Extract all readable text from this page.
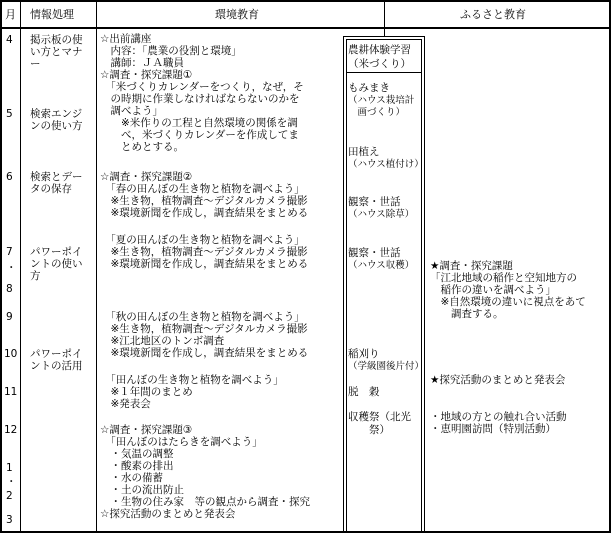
月 情報処理	環境教育	ふるさと教育
4
5
6
7
・
8
9
10
11
12
1
・
2
3
掲示板の使
い方とマナ
ー
検索エンジ
ンの使い方
検索とデー
タの保存
パワーポイ
ントの使い
方
パワーポイ
ントの活用
☆出前講座
　内容：「農業の役割と環境」
　講師：ＪＡ職員
☆調査・探究課題①
　「米づくりカレンダーをつくり，なぜ，そ
　の時期に作業しなければならないのかを
　調べよう」
　　※米作りの工程と自然環境の関係を調
　　べ，米づくりカレンダーを作成してま
　　とめとする。
☆調査・探究課題②
　「春の田んぼの生き物と植物を調べよう」
　※生き物，植物調査～デジタルカメラ撮影
　※環境新聞を作成し，調査結果をまとめる
　「夏の田んぼの生き物と植物を調べよう」
　※生き物，植物調査～デジタルカメラ撮影
　※環境新聞を作成し，調査結果をまとめる
　「秋の田んぼの生き物と植物を調べよう」
　※生き物，植物調査～デジタルカメラ撮影
　※江北地区のトンボ調査
　※環境新聞を作成し，調査結果をまとめる
　「田んぼの生き物と植物を調べよう」
　※１年間のまとめ
　※発表会
☆調査・探究課題③
　「田んぼのはたらきを調べよう」
　・気温の調整
　・酸素の排出
　・水の備蓄
　・土の流出防止
　・生物の住み家　等の観点から調査・探究
☆探究活動のまとめと発表会
農耕体験学習
（米づくり）
もみまき
（ハウス栽培計
　画づくり）
田植え
（ハウス植付け）
観察・世話
（ハウス除草）
観察・世話
（ハウス収穫）
稲刈り
（学級園後片付）
脱　穀
収穫祭（北光
　　祭）
★調査・探究課題
「江北地域の稲作と空知地方の
　稲作の違いを調べよう」
　※自然環境の違いに視点をあて
　　調査する。
★探究活動のまとめと発表会
・地域の方との触れ合い活動
・恵明園訪問（特別活動）
